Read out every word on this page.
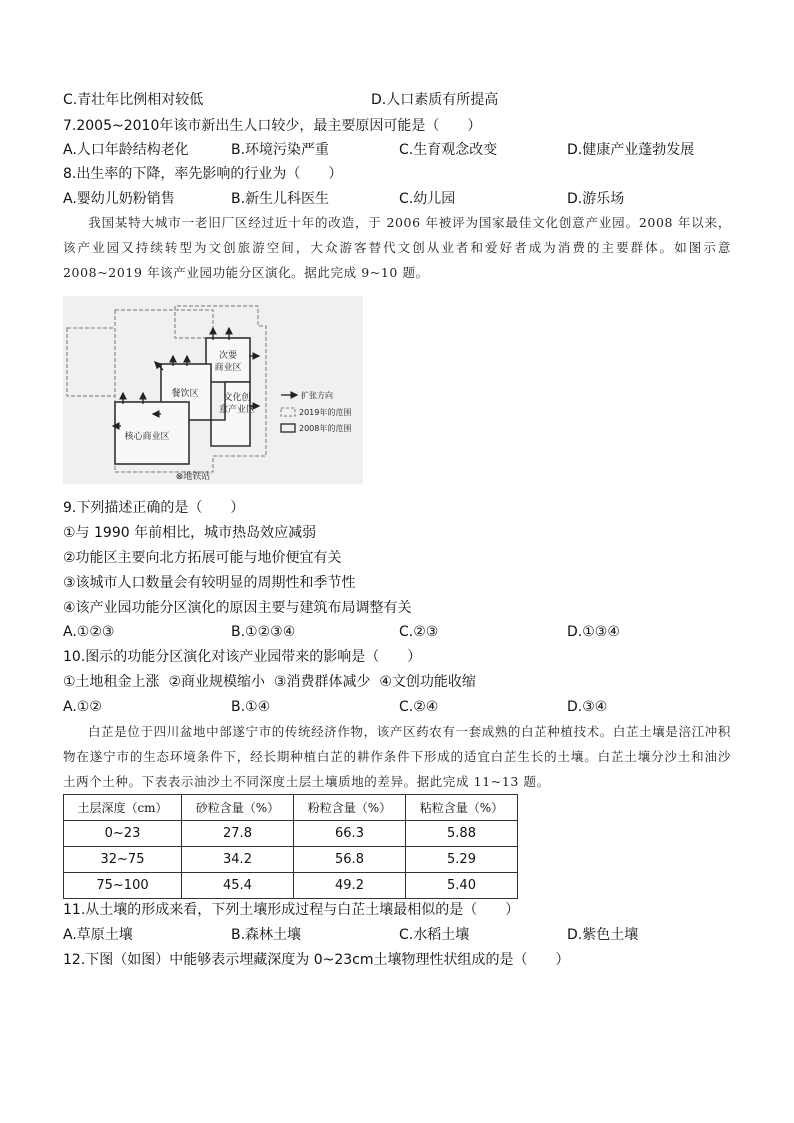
C.青壮年比例相对较低	D.人口素质有所提高
7.2005~2010年该市新出生人口较少，最主要原因可能是（　　）
A.人口年龄结构老化	B.环境污染严重	C.生育观念改变	D.健康产业蓬勃发展
8.出生率的下降，率先影响的行业为（　　）
A.婴幼儿奶粉销售	B.新生儿科医生	C.幼儿园	D.游乐场
我国某特大城市一老旧厂区经过近十年的改造，于 2006 年被评为国家最佳文化创意产业园。2008 年以来，该产业园又持续转型为文创旅游空间，大众游客替代文创从业者和爱好者成为消费的主要群体。如图示意 2008~2019 年该产业园功能分区演化。据此完成 9~10 题。
次要
商业区
餐饮区	文化创
意产业区
核心商业区
⊗地铁站
扩张方向
2019年的范围
2008年的范围
9.下列描述正确的是（　　）
①与 1990 年前相比，城市热岛效应减弱
②功能区主要向北方拓展可能与地价便宜有关
③该城市人口数量会有较明显的周期性和季节性
④该产业园功能分区演化的原因主要与建筑布局调整有关
A.①②③	B.①②③④	C.②③	D.①③④
10.图示的功能分区演化对该产业园带来的影响是（　　）
①土地租金上涨  ②商业规模缩小  ③消费群体减少  ④文创功能收缩
A.①②	B.①④	C.②④	D.③④
白芷是位于四川盆地中部遂宁市的传统经济作物，该产区药农有一套成熟的白芷种植技术。白芷土壤是涪江冲积物在遂宁市的生态环境条件下，经长期种植白芷的耕作条件下形成的适宜白芷生长的土壤。白芷土壤分沙土和油沙土两个土种。下表表示油沙土不同深度土层土壤质地的差异。据此完成 11~13 题。
土层深度（cm）	砂粒含量（%）	粉粒含量（%）	粘粒含量（%）
0~23	27.8	66.3	5.88
32~75	34.2	56.8	5.29
75~100	45.4	49.2	5.40
11.从土壤的形成来看，下列土壤形成过程与白芷土壤最相似的是（　　）
A.草原土壤	B.森林土壤	C.水稻土壤	D.紫色土壤
12.下图（如图）中能够表示埋藏深度为 0~23cm土壤物理性状组成的是（　　）
